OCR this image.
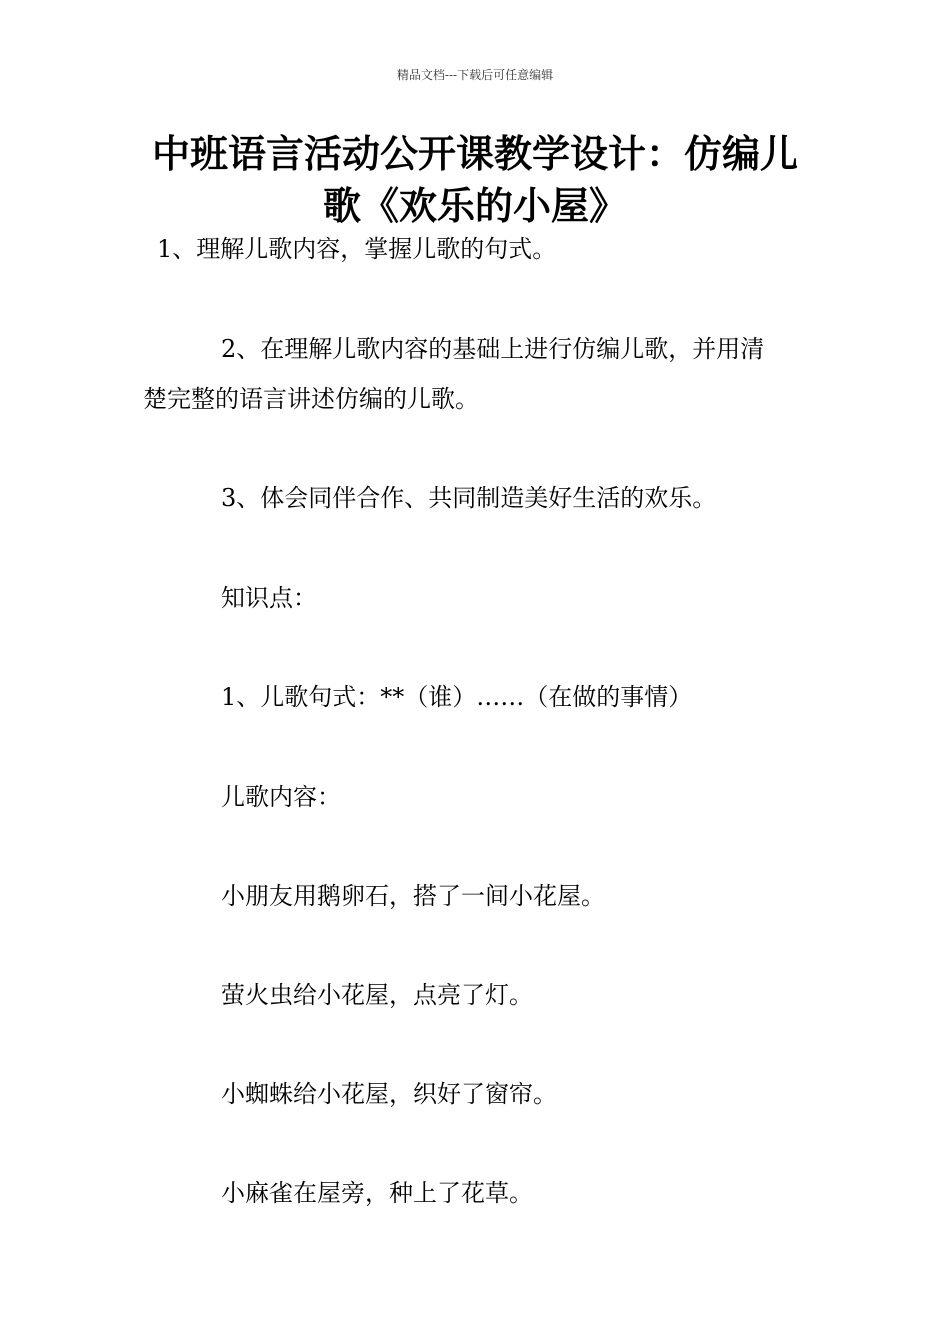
精品文档---下载后可任意编辑
中班语言活动公开课教学设计：仿编儿
歌《欢乐的小屋》
1、理解儿歌内容，掌握儿歌的句式。
2、在理解儿歌内容的基础上进行仿编儿歌，并用清
楚完整的语言讲述仿编的儿歌。
3、体会同伴合作、共同制造美好生活的欢乐。
知识点：
1、儿歌句式：**（谁）……（在做的事情）
儿歌内容：
小朋友用鹅卵石，搭了一间小花屋。
萤火虫给小花屋，点亮了灯。
小蜘蛛给小花屋，织好了窗帘。
小麻雀在屋旁，种上了花草。
